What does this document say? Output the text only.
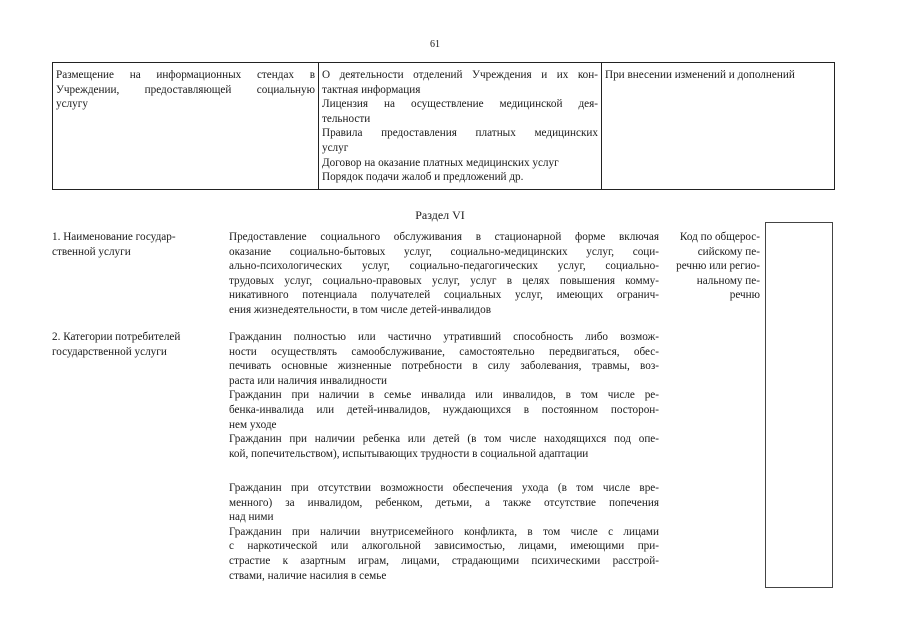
61
Размещение на информационных стендах в
Учреждении, предоставляющей социальную
услугу
О деятельности отделений Учреждения и их кон-
тактная информация
Лицензия на осуществление медицинской дея-
тельности
Правила предоставления платных медицинских
услуг
Договор на оказание платных медицинских услуг
Порядок подачи жалоб и предложений др.
При внесении изменений и дополнений
Раздел VI
1. Наименование государ-
ственной услуги
Предоставление социального обслуживания в стационарной форме включая
оказание социально-бытовых услуг, социально-медицинских услуг, соци-
ально-психологических услуг, социально-педагогических услуг, социально-
трудовых услуг, социально-правовых услуг, услуг в целях повышения комму-
никативного потенциала получателей социальных услуг, имеющих огранич-
ения жизнедеятельности, в том числе детей-инвалидов
2. Категории потребителей
государственной услуги
Гражданин полностью или частично утративший способность либо возмож-
ности осуществлять самообслуживание, самостоятельно передвигаться, обес-
печивать основные жизненные потребности в силу заболевания, травмы, воз-
раста или наличия инвалидности
Гражданин при наличии в семье инвалида или инвалидов, в том числе ре-
бенка-инвалида или детей-инвалидов, нуждающихся в постоянном посторон-
нем уходе
Гражданин при наличии ребенка или детей (в том числе находящихся под опе-
кой, попечительством), испытывающих трудности в социальной адаптации
Гражданин при отсутствии возможности обеспечения ухода (в том числе вре-
менного) за инвалидом, ребенком, детьми, а также отсутствие попечения
над ними
Гражданин при наличии внутрисемейного конфликта, в том числе с лицами
с наркотической или алкогольной зависимостью, лицами, имеющими при-
страстие к азартным играм, лицами, страдающими психическими расстрой-
ствами, наличие насилия в семье
Код по общерос-
сийскому пе-
речню или регио-
нальному пе-
речню
